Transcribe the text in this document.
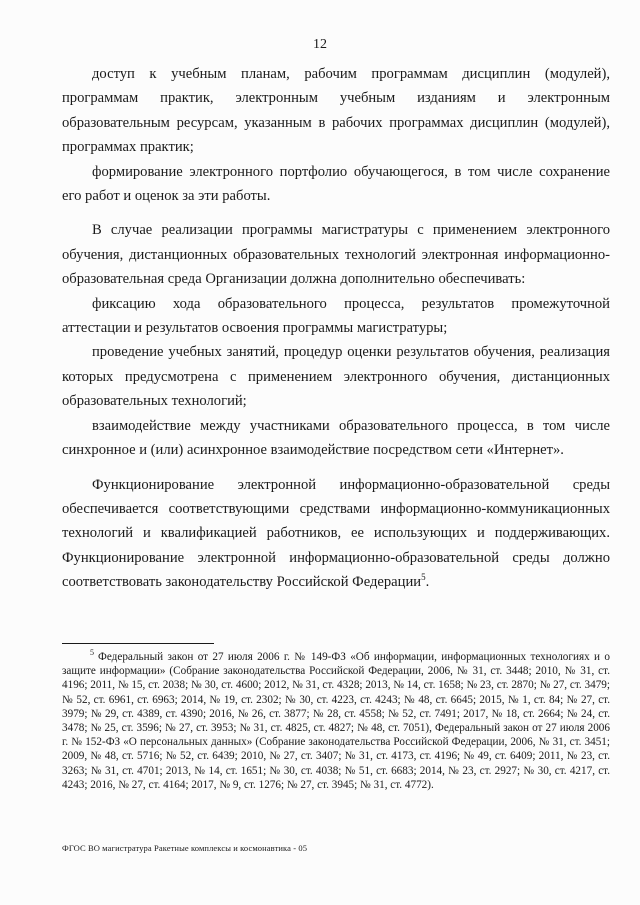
12

доступ к учебным планам, рабочим программам дисциплин (модулей), программам практик, электронным учебным изданиям и электронным образовательным ресурсам, указанным в рабочих программах дисциплин (модулей), программах практик;

формирование электронного портфолио обучающегося, в том числе сохранение его работ и оценок за эти работы.

В случае реализации программы магистратуры с применением электронного обучения, дистанционных образовательных технологий электронная информационно-образовательная среда Организации должна дополнительно обеспечивать:

фиксацию хода образовательного процесса, результатов промежуточной аттестации и результатов освоения программы магистратуры;

проведение учебных занятий, процедур оценки результатов обучения, реализация которых предусмотрена с применением электронного обучения, дистанционных образовательных технологий;

взаимодействие между участниками образовательного процесса, в том числе синхронное и (или) асинхронное взаимодействие посредством сети «Интернет».

Функционирование электронной информационно-образовательной среды обеспечивается соответствующими средствами информационно-коммуникационных технологий и квалификацией работников, ее использующих и поддерживающих. Функционирование электронной информационно-образовательной среды должно соответствовать законодательству Российской Федерации$^5$.

$^5$ Федеральный закон от 27 июля 2006 г. № 149-ФЗ «Об информации, информационных технологиях и о защите информации» (Собрание законодательства Российской Федерации, 2006, № 31, ст. 3448; 2010, № 31, ст. 4196; 2011, № 15, ст. 2038; № 30, ст. 4600; 2012, № 31, ст. 4328; 2013, № 14, ст. 1658; № 23, ст. 2870; № 27, ст. 3479; № 52, ст. 6961, ст. 6963; 2014, № 19, ст. 2302; № 30, ст. 4223, ст. 4243; № 48, ст. 6645; 2015, № 1, ст. 84; № 27, ст. 3979; № 29, ст. 4389, ст. 4390; 2016, № 26, ст. 3877; № 28, ст. 4558; № 52, ст. 7491; 2017, № 18, ст. 2664; № 24, ст. 3478; № 25, ст. 3596; № 27, ст. 3953; № 31, ст. 4825, ст. 4827; № 48, ст. 7051), Федеральный закон от 27 июля 2006 г. № 152-ФЗ «О персональных данных» (Собрание законодательства Российской Федерации, 2006, № 31, ст. 3451; 2009, № 48, ст. 5716; № 52, ст. 6439; 2010, № 27, ст. 3407; № 31, ст. 4173, ст. 4196; № 49, ст. 6409; 2011, № 23, ст. 3263; № 31, ст. 4701; 2013, № 14, ст. 1651; № 30, ст. 4038; № 51, ст. 6683; 2014, № 23, ст. 2927; № 30, ст. 4217, ст. 4243; 2016, № 27, ст. 4164; 2017, № 9, ст. 1276; № 27, ст. 3945; № 31, ст. 4772).
ФГОС ВО магистратура Ракетные комплексы и космонавтика - 05
